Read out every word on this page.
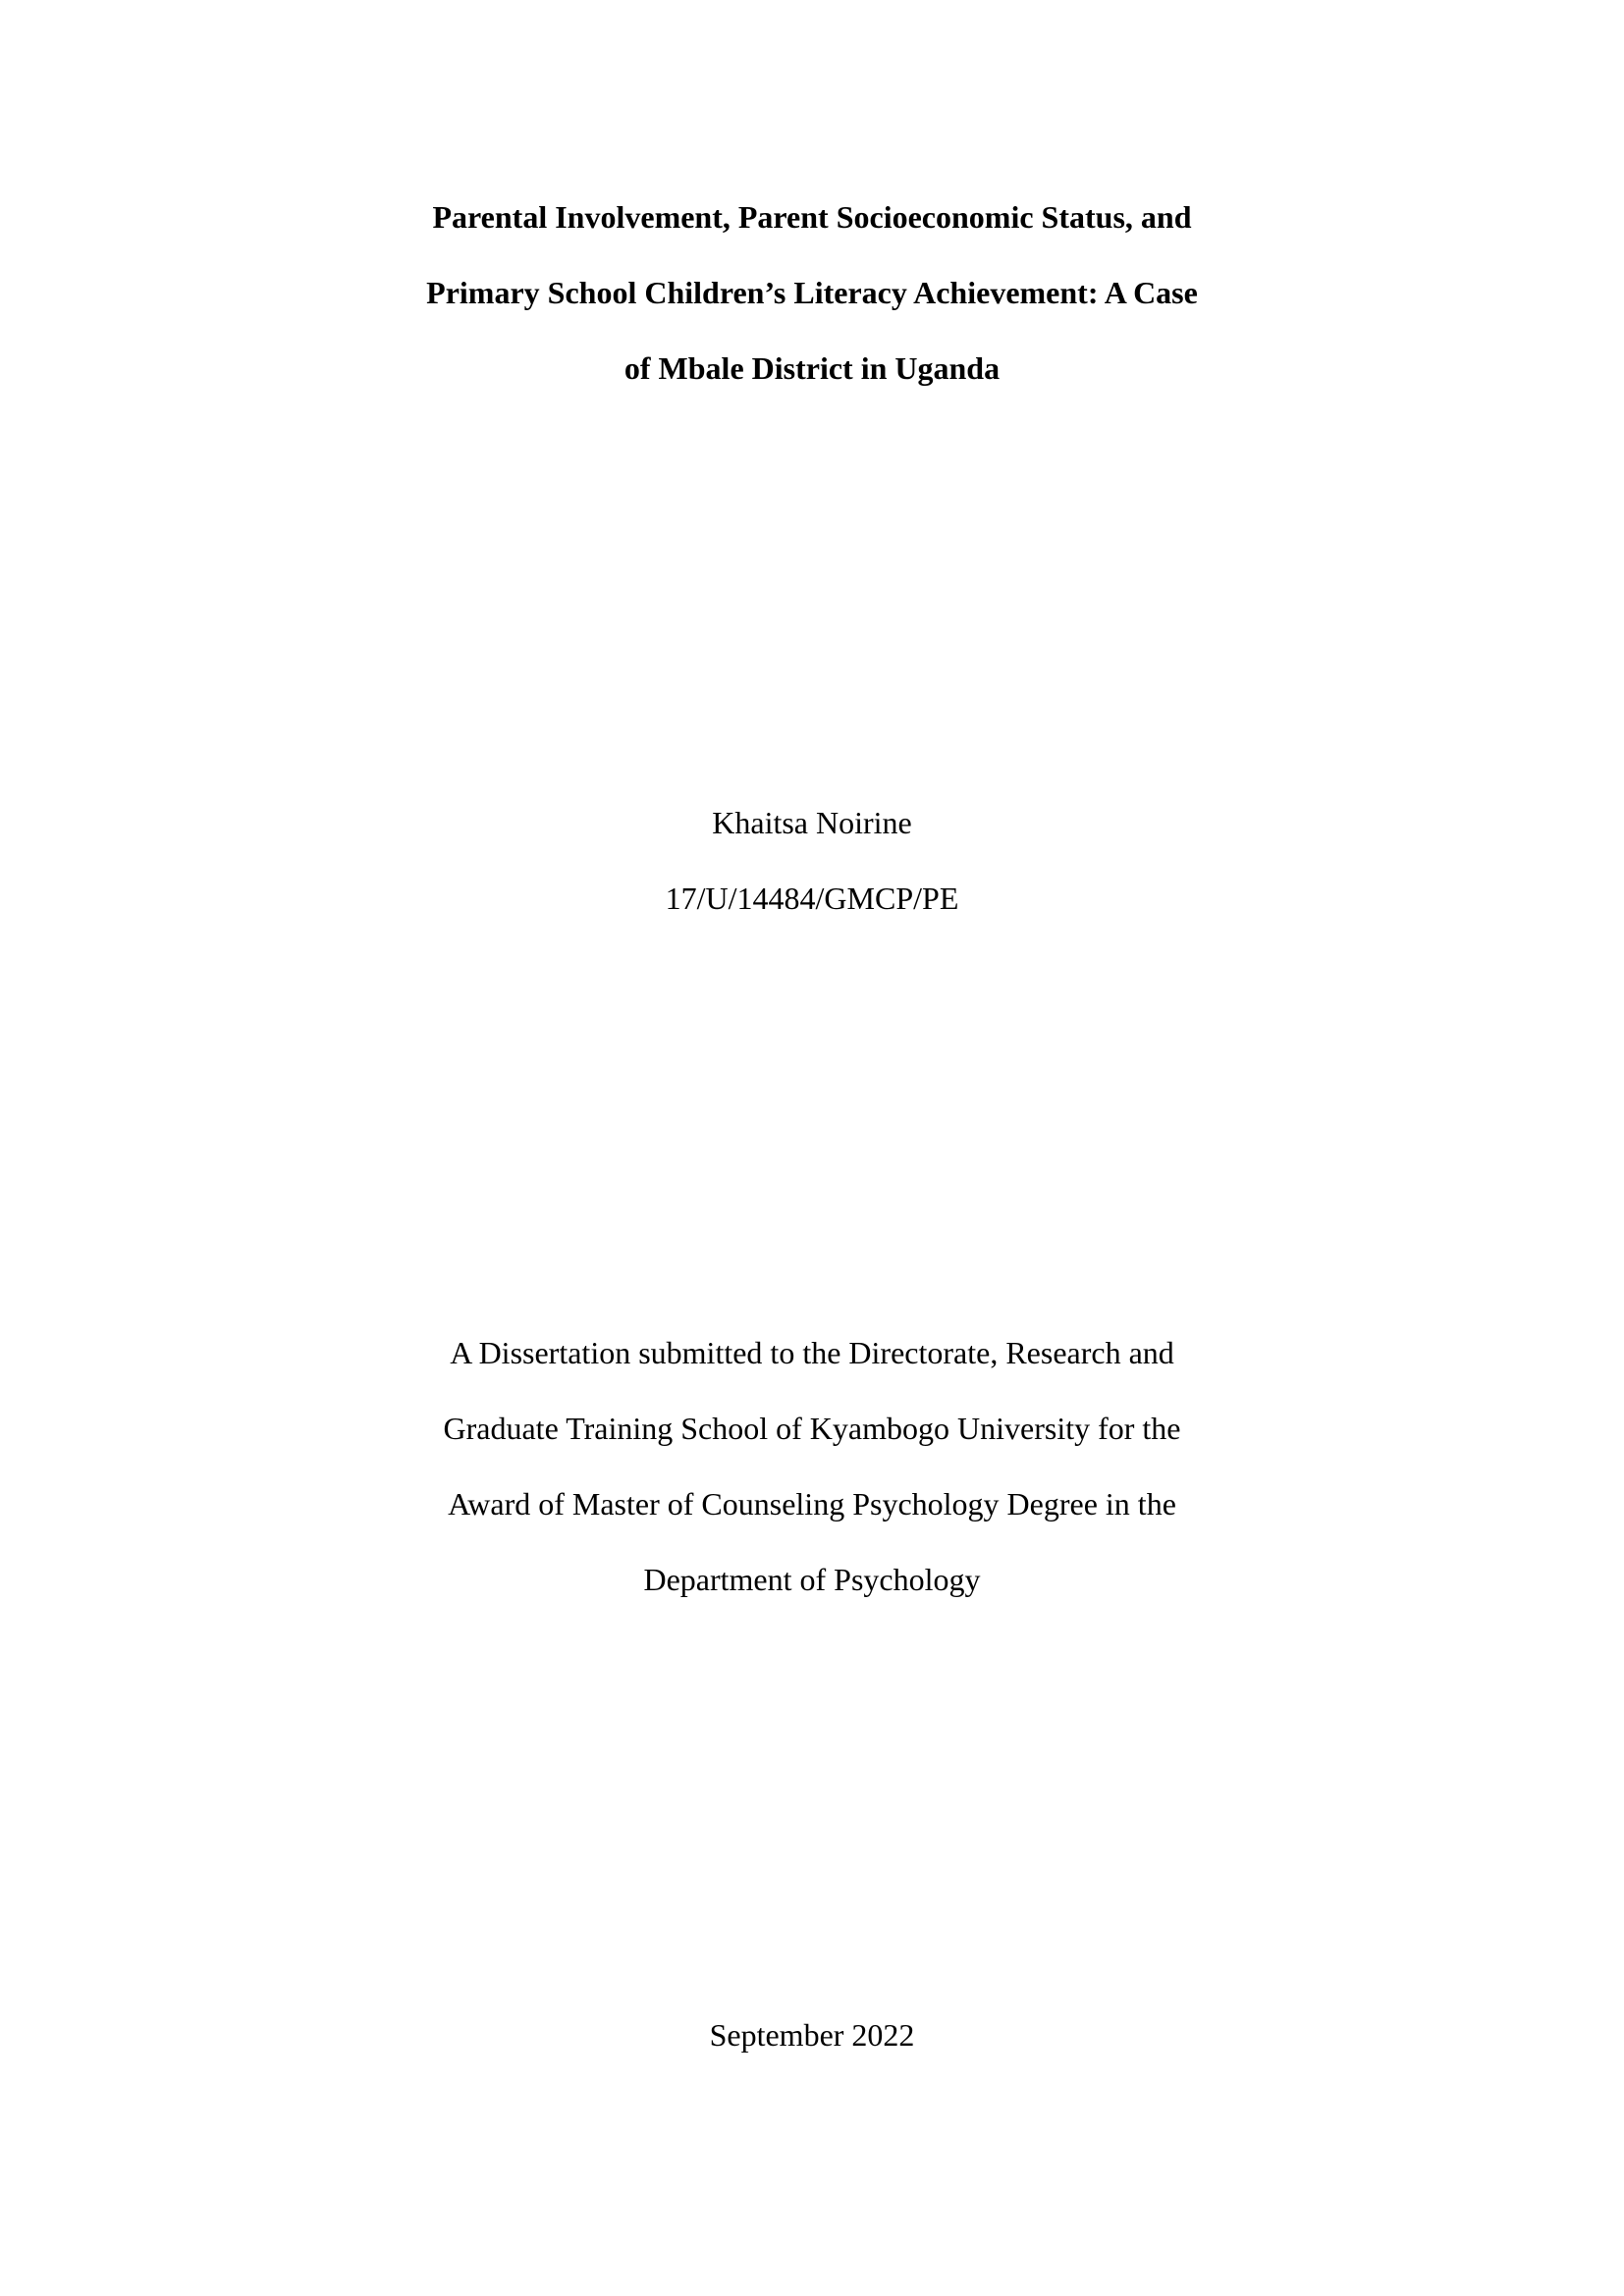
Parental Involvement, Parent Socioeconomic Status, and
Primary School Children’s Literacy Achievement: A Case
of Mbale District in Uganda
Khaitsa Noirine
17/U/14484/GMCP/PE
A Dissertation submitted to the Directorate, Research and
Graduate Training School of Kyambogo University for the
Award of Master of Counseling Psychology Degree in the
Department of Psychology
September 2022
